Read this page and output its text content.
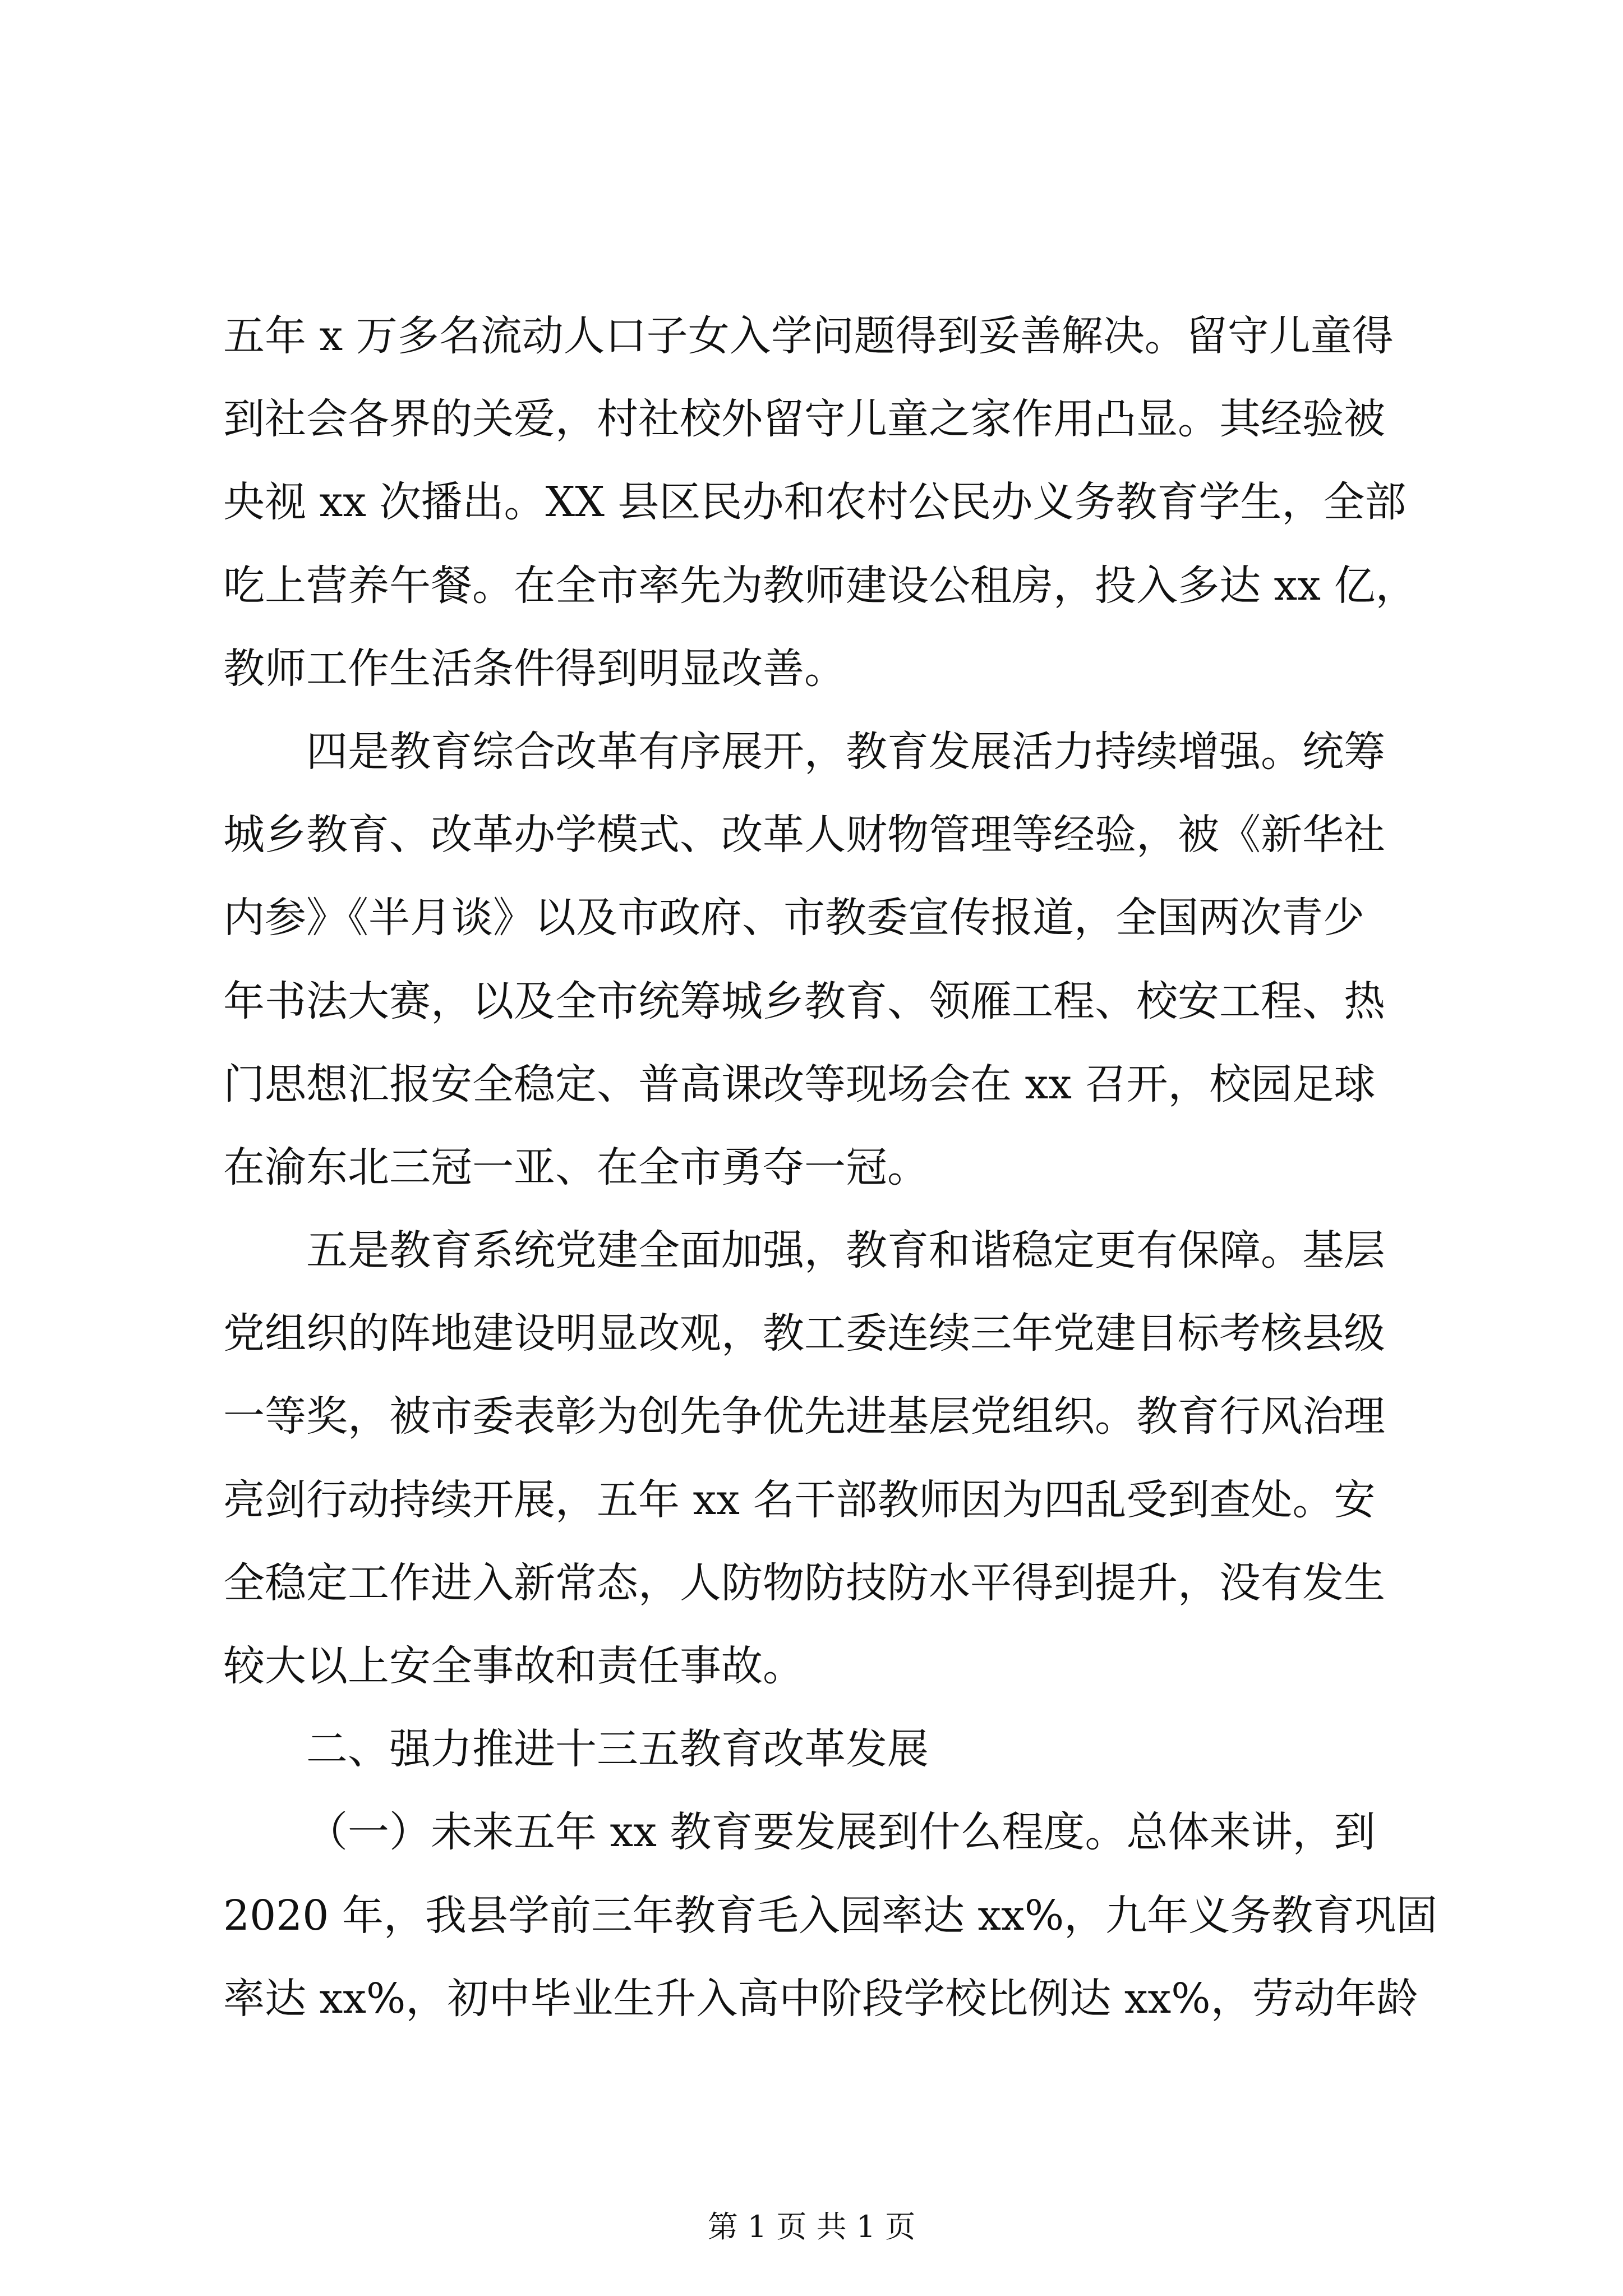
五年 x 万多名流动人口子女入学问题得到妥善解决。留守儿童得
到社会各界的关爱，村社校外留守儿童之家作用凸显。其经验被
央视 xx 次播出。XX 县区民办和农村公民办义务教育学生，全部
吃上营养午餐。在全市率先为教师建设公租房，投入多达 xx 亿，
教师工作生活条件得到明显改善。
四是教育综合改革有序展开，教育发展活力持续增强。统筹
城乡教育、改革办学模式、改革人财物管理等经验，被《新华社
内参》《半月谈》以及市政府、市教委宣传报道，全国两次青少
年书法大赛，以及全市统筹城乡教育、领雁工程、校安工程、热
门思想汇报安全稳定、普高课改等现场会在 xx 召开，校园足球
在渝东北三冠一亚、在全市勇夺一冠。
五是教育系统党建全面加强，教育和谐稳定更有保障。基层
党组织的阵地建设明显改观，教工委连续三年党建目标考核县级
一等奖，被市委表彰为创先争优先进基层党组织。教育行风治理
亮剑行动持续开展，五年 xx 名干部教师因为四乱受到查处。安
全稳定工作进入新常态，人防物防技防水平得到提升，没有发生
较大以上安全事故和责任事故。
二、强力推进十三五教育改革发展
（一）未来五年 xx 教育要发展到什么程度。总体来讲，到
2020 年，我县学前三年教育毛入园率达 xx%，九年义务教育巩固
率达 xx%，初中毕业生升入高中阶段学校比例达 xx%，劳动年龄
第 1 页 共 1 页
